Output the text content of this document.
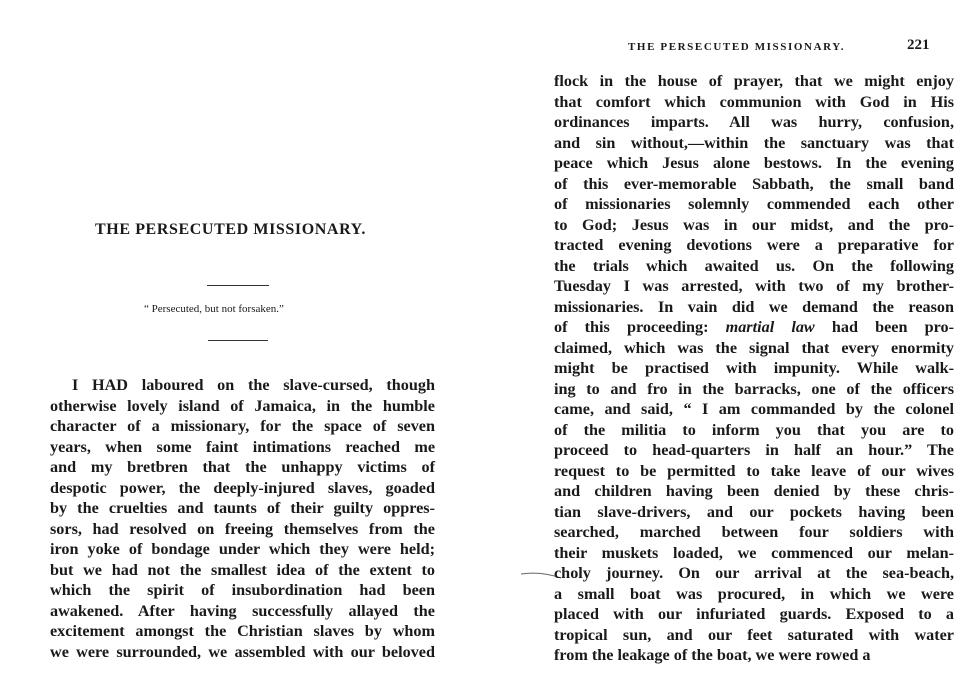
THE PERSECUTED MISSIONARY.
“ Persecuted, but not forsaken.”
I HAD laboured on the slave-cursed, though
otherwise lovely island of Jamaica, in the humble
character of a missionary, for the space of seven
years, when some faint intimations reached me
and my bretbren that the unhappy victims of
despotic power, the deeply-injured slaves, goaded
by the cruelties and taunts of their guilty oppres-
sors, had resolved on freeing themselves from the
iron yoke of bondage under which they were held;
but we had not the smallest idea of the extent to
which the spirit of insubordination had been
awakened. After having successfully allayed the
excitement amongst the Christian slaves by whom
we were surrounded, we assembled with our beloved
THE PERSECUTED MISSIONARY.	221
flock in the house of prayer, that we might enjoy
that comfort which communion with God in His
ordinances imparts. All was hurry, confusion,
and sin without,—within the sanctuary was that
peace which Jesus alone bestows. In the evening
of this ever-memorable Sabbath, the small band
of missionaries solemnly commended each other
to God; Jesus was in our midst, and the pro-
tracted evening devotions were a preparative for
the trials which awaited us. On the following
Tuesday I was arrested, with two of my brother-
missionaries. In vain did we demand the reason
of this proceeding: martial law had been pro-
claimed, which was the signal that every enormity
might be practised with impunity. While walk-
ing to and fro in the barracks, one of the officers
came, and said, “ I am commanded by the colonel
of the militia to inform you that you are to
proceed to head-quarters in half an hour.” The
request to be permitted to take leave of our wives
and children having been denied by these chris-
tian slave-drivers, and our pockets having been
searched, marched between four soldiers with
their muskets loaded, we commenced our melan-
choly journey. On our arrival at the sea-beach,
a small boat was procured, in which we were
placed with our infuriated guards. Exposed to a
tropical sun, and our feet saturated with water
from the leakage of the boat, we were rowed a
